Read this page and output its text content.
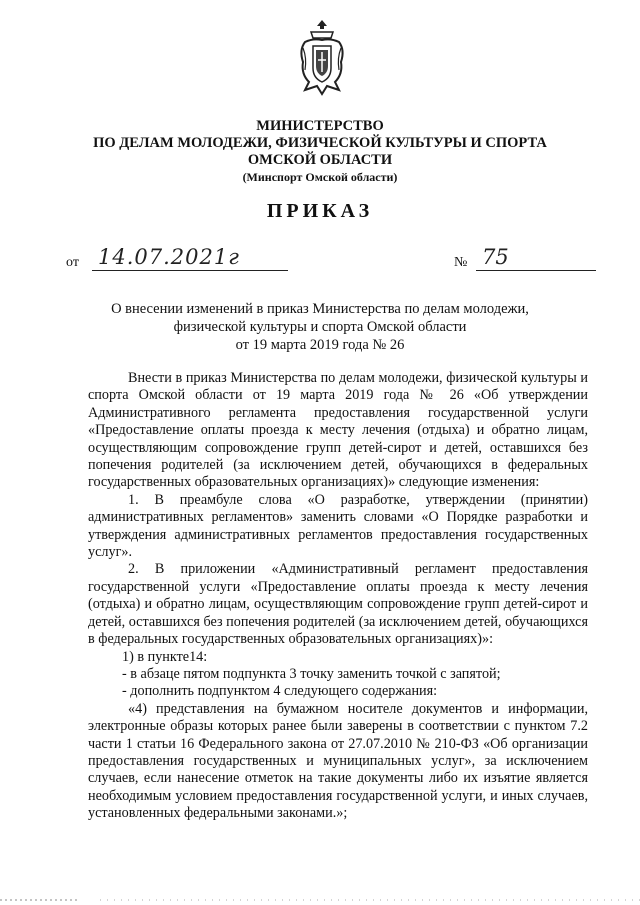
МИНИСТЕРСТВО
ПО ДЕЛАМ МОЛОДЕЖИ, ФИЗИЧЕСКОЙ КУЛЬТУРЫ И СПОРТА
ОМСКОЙ ОБЛАСТИ
(Минспорт Омской области)
ПРИКАЗ
от 14.07.2021г	№ 75
О внесении изменений в приказ Министерства по делам молодежи,
физической культуры и спорта Омской области
от 19 марта 2019 года № 26

Внести в приказ Министерства по делам молодежи, физической культуры и спорта Омской области от 19 марта 2019 года № 26 «Об утверждении Административного регламента предоставления государственной услуги «Предоставление оплаты проезда к месту лечения (отдыха) и обратно лицам, осуществляющим сопровождение групп детей-сирот и детей, оставшихся без попечения родителей (за исключением детей, обучающихся в федеральных государственных образовательных организациях)» следующие изменения:

1. В преамбуле слова «О разработке, утверждении (принятии) административных регламентов» заменить словами «О Порядке разработки и утверждения административных регламентов предоставления государственных услуг».

2. В приложении «Административный регламент предоставления государственной услуги «Предоставление оплаты проезда к месту лечения (отдыха) и обратно лицам, осуществляющим сопровождение групп детей-сирот и детей, оставшихся без попечения родителей (за исключением детей, обучающихся в федеральных государственных образовательных организациях)»:

1) в пункте14:

- в абзаце пятом подпункта 3 точку заменить точкой с запятой;

- дополнить подпунктом 4 следующего содержания:

«4) представления на бумажном носителе документов и информации, электронные образы которых ранее были заверены в соответствии с пунктом 7.2 части 1 статьи 16 Федерального закона от 27.07.2010 № 210-ФЗ «Об организации предоставления государственных и муниципальных услуг», за исключением случаев, если нанесение отметок на такие документы либо их изъятие является необходимым условием предоставления государственной услуги, и иных случаев, установленных федеральными законами.»;
